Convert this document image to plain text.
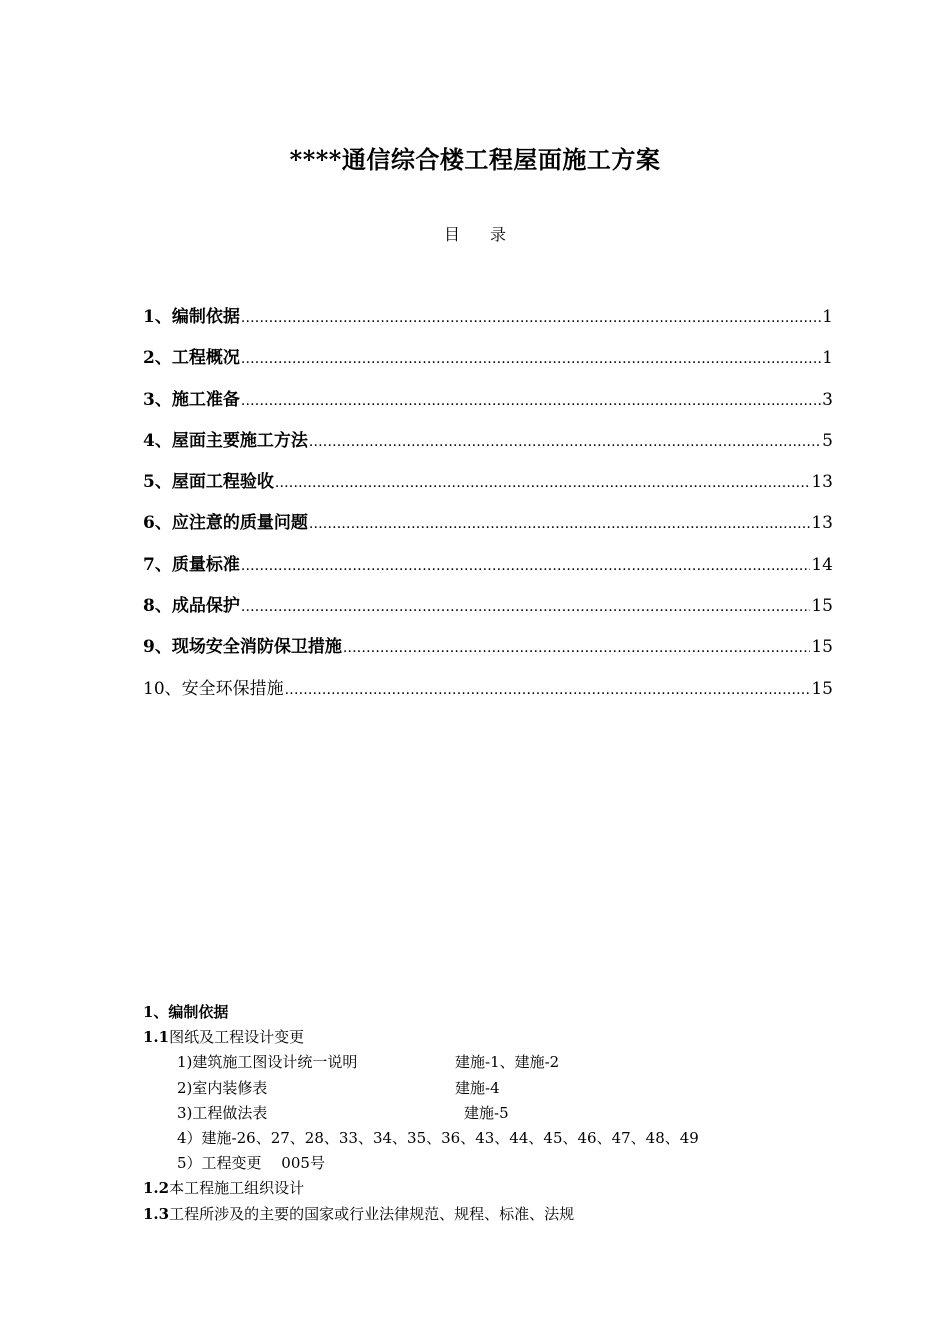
****通信综合楼工程屋面施工方案
目录
1、编制依据 .....	1
2、工程概况 .....	1
3、施工准备 .....	3
4、屋面主要施工方法 .....	5
5、屋面工程验收 .....	13
6、应注意的质量问题 .....	13
7、质量标准 .....	14
8、成品保护 .....	15
9、现场安全消防保卫措施 .....	15
10、安全环保措施 .....	15
1、编制依据
1.1图纸及工程设计变更
1)建筑施工图设计统一说明	建施-1、建施-2
2)室内装修表	建施-4
3)工程做法表	建施-5
4）建施-26、27、28、33、34、35、36、43、44、45、46、47、48、49
5）工程变更　 005号
1.2本工程施工组织设计
1.3工程所涉及的主要的国家或行业法律规范、规程、标准、法规
